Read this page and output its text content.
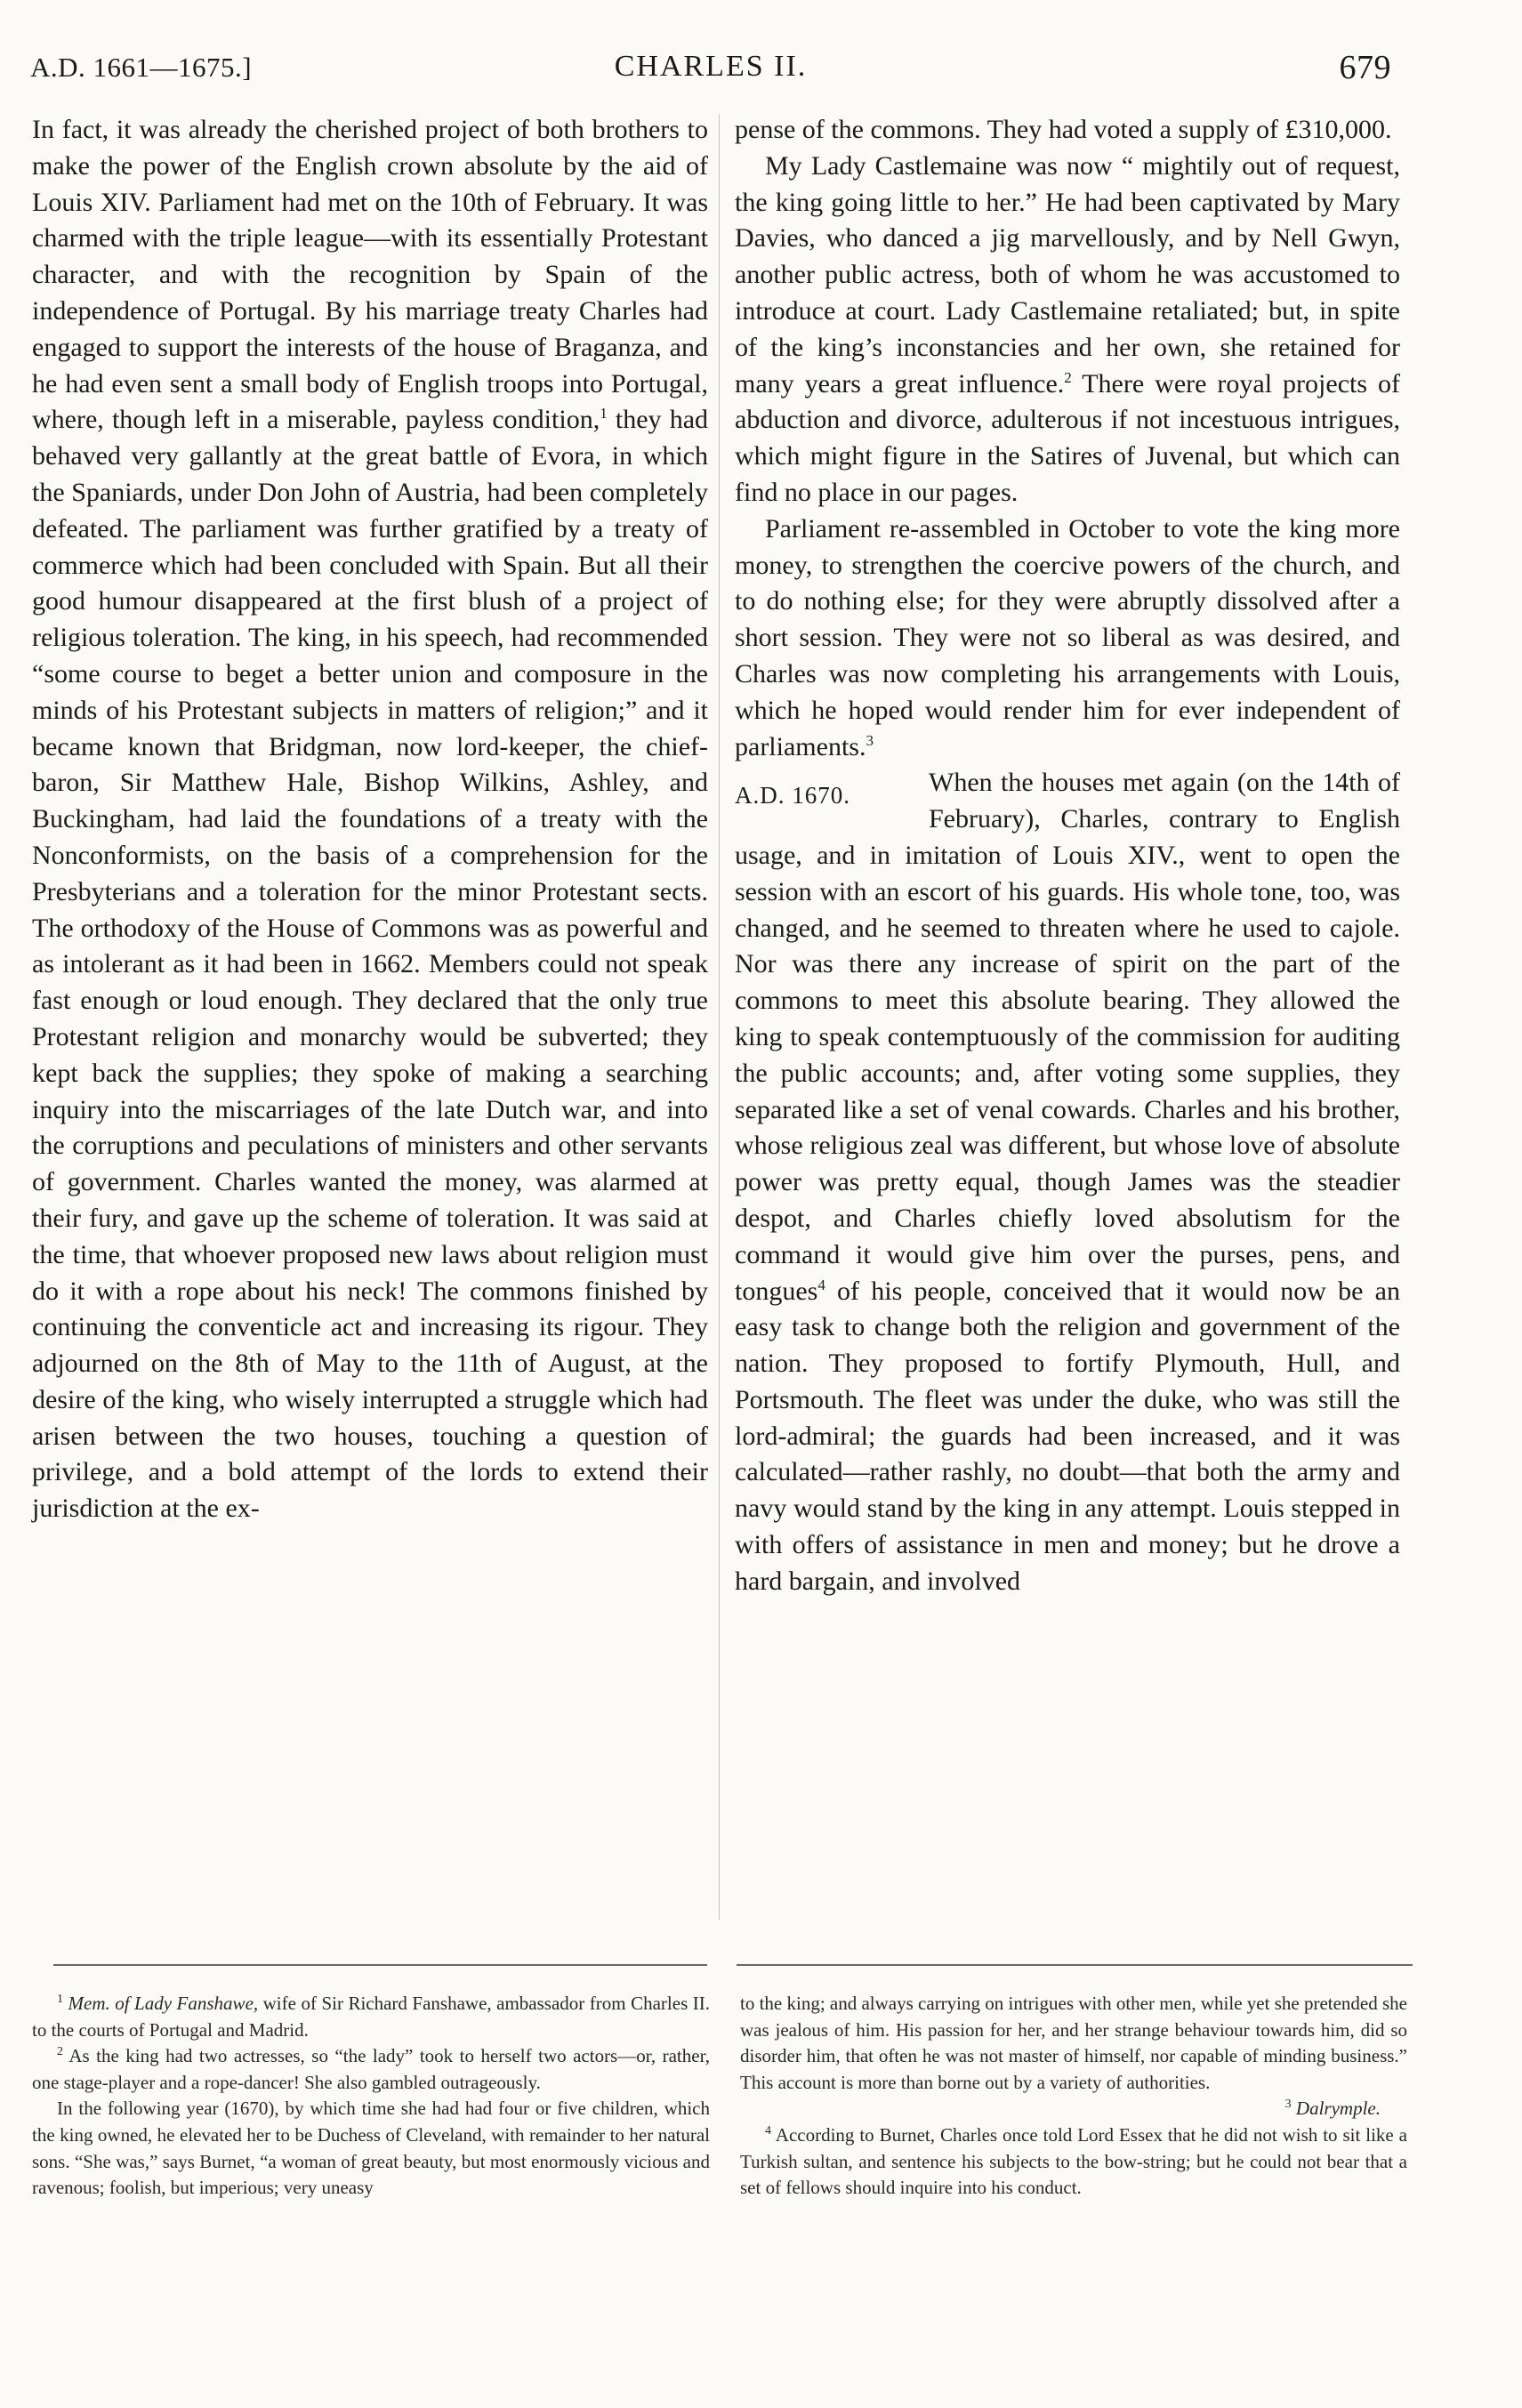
A.D. 1661—1675.]	CHARLES II.	679

In fact, it was already the cherished project of both brothers to make the power of the English crown absolute by the aid of Louis XIV. Parliament had met on the 10th of February. It was charmed with the triple league—with its essentially Protestant character, and with the recognition by Spain of the independence of Portugal. By his marriage treaty Charles had engaged to support the interests of the house of Braganza, and he had even sent a small body of English troops into Portugal, where, though left in a miserable, payless condition,$^1$ they had behaved very gallantly at the great battle of Evora, in which the Spaniards, under Don John of Austria, had been completely defeated. The parliament was further gratified by a treaty of commerce which had been concluded with Spain. But all their good humour disappeared at the first blush of a project of religious toleration. The king, in his speech, had recommended “some course to beget a better union and composure in the minds of his Protestant subjects in matters of religion;” and it became known that Bridgman, now lord-keeper, the chief-baron, Sir Matthew Hale, Bishop Wilkins, Ashley, and Buckingham, had laid the foundations of a treaty with the Nonconformists, on the basis of a comprehension for the Presbyterians and a toleration for the minor Protestant sects. The orthodoxy of the House of Commons was as powerful and as intolerant as it had been in 1662. Members could not speak fast enough or loud enough. They declared that the only true Protestant religion and monarchy would be subverted; they kept back the supplies; they spoke of making a searching inquiry into the miscarriages of the late Dutch war, and into the corruptions and peculations of ministers and other servants of government. Charles wanted the money, was alarmed at their fury, and gave up the scheme of toleration. It was said at the time, that whoever proposed new laws about religion must do it with a rope about his neck! The commons finished by continuing the conventicle act and increasing its rigour. They adjourned on the 8th of May to the 11th of August, at the desire of the king, who wisely interrupted a struggle which had arisen between the two houses, touching a question of privilege, and a bold attempt of the lords to extend their jurisdiction at the ex-

pense of the commons. They had voted a supply of £310,000.

My Lady Castlemaine was now “ mightily out of request, the king going little to her.” He had been captivated by Mary Davies, who danced a jig marvellously, and by Nell Gwyn, another public actress, both of whom he was accustomed to introduce at court. Lady Castlemaine retaliated; but, in spite of the king’s inconstancies and her own, she retained for many years a great influence.$^2$ There were royal projects of abduction and divorce, adulterous if not incestuous intrigues, which might figure in the Satires of Juvenal, but which can find no place in our pages.

Parliament re-assembled in October to vote the king more money, to strengthen the coercive powers of the church, and to do nothing else; for they were abruptly dissolved after a short session. They were not so liberal as was desired, and Charles was now completing his arrangements with Louis, which he hoped would render him for ever independent of parliaments.$^3$

A.D. 1670.	When the houses met again (on the 14th of February), Charles, contrary to English usage, and in imitation of Louis XIV., went to open the session with an escort of his guards. His whole tone, too, was changed, and he seemed to threaten where he used to cajole. Nor was there any increase of spirit on the part of the commons to meet this absolute bearing. They allowed the king to speak contemptuously of the commission for auditing the public accounts; and, after voting some supplies, they separated like a set of venal cowards. Charles and his brother, whose religious zeal was different, but whose love of absolute power was pretty equal, though James was the steadier despot, and Charles chiefly loved absolutism for the command it would give him over the purses, pens, and tongues$^4$ of his people, conceived that it would now be an easy task to change both the religion and government of the nation. They proposed to fortify Plymouth, Hull, and Portsmouth. The fleet was under the duke, who was still the lord-admiral; the guards had been increased, and it was calculated—rather rashly, no doubt—that both the army and navy would stand by the king in any attempt. Louis stepped in with offers of assistance in men and money; but he drove a hard bargain, and involved

$^1$ Mem. of Lady Fanshawe, wife of Sir Richard Fanshawe, ambassador from Charles II. to the courts of Portugal and Madrid.

$^2$ As the king had two actresses, so “the lady” took to herself two actors—or, rather, one stage-player and a rope-dancer! She also gambled outrageously.

In the following year (1670), by which time she had had four or five children, which the king owned, he elevated her to be Duchess of Cleveland, with remainder to her natural sons. “She was,” says Burnet, “a woman of great beauty, but most enormously vicious and ravenous; foolish, but imperious; very uneasy

to the king; and always carrying on intrigues with other men, while yet she pretended she was jealous of him. His passion for her, and her strange behaviour towards him, did so disorder him, that often he was not master of himself, nor capable of minding business.” This account is more than borne out by a variety of authorities.

$^3$ Dalrymple.

$^4$ According to Burnet, Charles once told Lord Essex that he did not wish to sit like a Turkish sultan, and sentence his subjects to the bow-string; but he could not bear that a set of fellows should inquire into his conduct.
